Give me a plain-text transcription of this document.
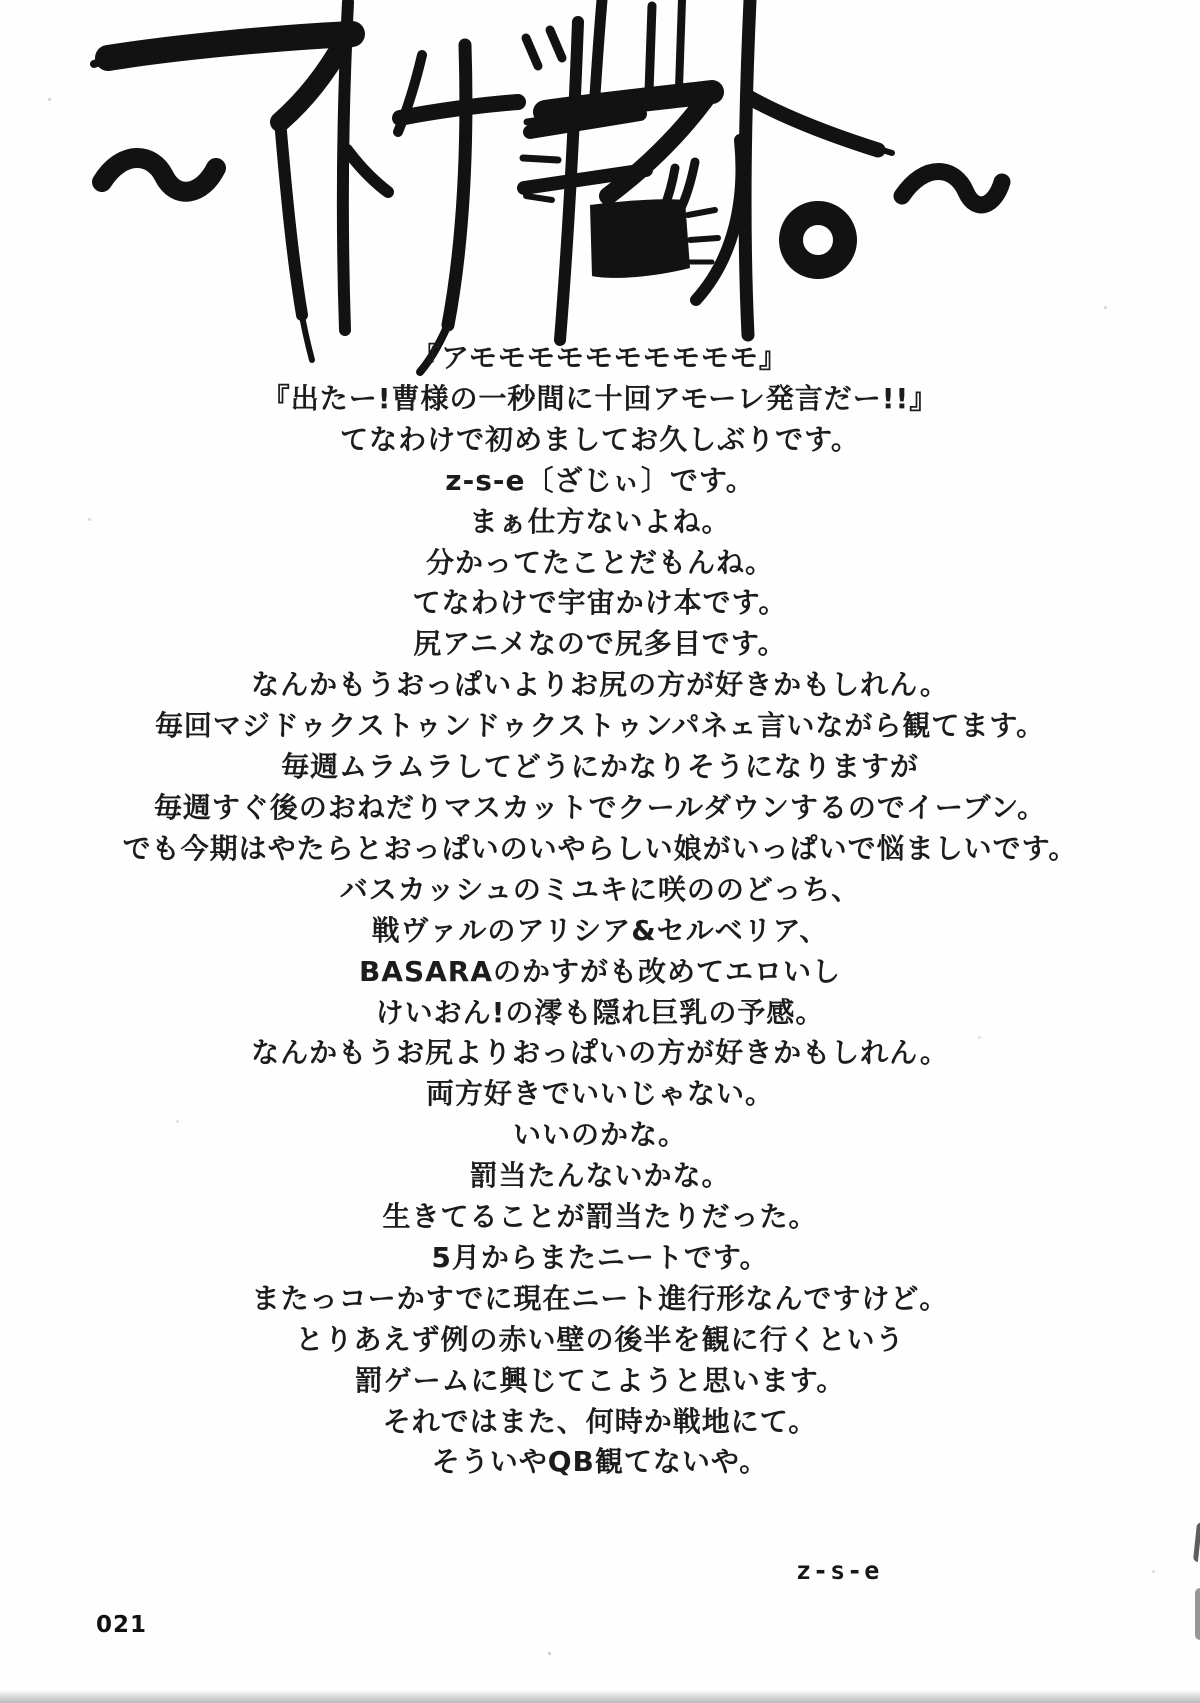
『アモモモモモモモモモモ』

『出たー!曹様の一秒間に十回アモーレ発言だー!!』

てなわけで初めましてお久しぶりです。

z-s-e〔ざじぃ〕です。

まぁ仕方ないよね。

分かってたことだもんね。

てなわけで宇宙かけ本です。

尻アニメなので尻多目です。

なんかもうおっぱいよりお尻の方が好きかもしれん。

毎回マジドゥクストゥンドゥクストゥンパネェ言いながら観てます。

毎週ムラムラしてどうにかなりそうになりますが

毎週すぐ後のおねだりマスカットでクールダウンするのでイーブン。

でも今期はやたらとおっぱいのいやらしい娘がいっぱいで悩ましいです。

バスカッシュのミユキに咲ののどっち、

戦ヴァルのアリシア&セルベリア、

BASARAのかすがも改めてエロいし

けいおん!の澪も隠れ巨乳の予感。

なんかもうお尻よりおっぱいの方が好きかもしれん。

両方好きでいいじゃない。

いいのかな。

罰当たんないかな。

生きてることが罰当たりだった。

5月からまたニートです。

またっコーかすでに現在ニート進行形なんですけど。

とりあえず例の赤い壁の後半を観に行くという

罰ゲームに興じてこようと思います。

それではまた、何時か戦地にて。

そういやQB観てないや。

z-s-e
021
